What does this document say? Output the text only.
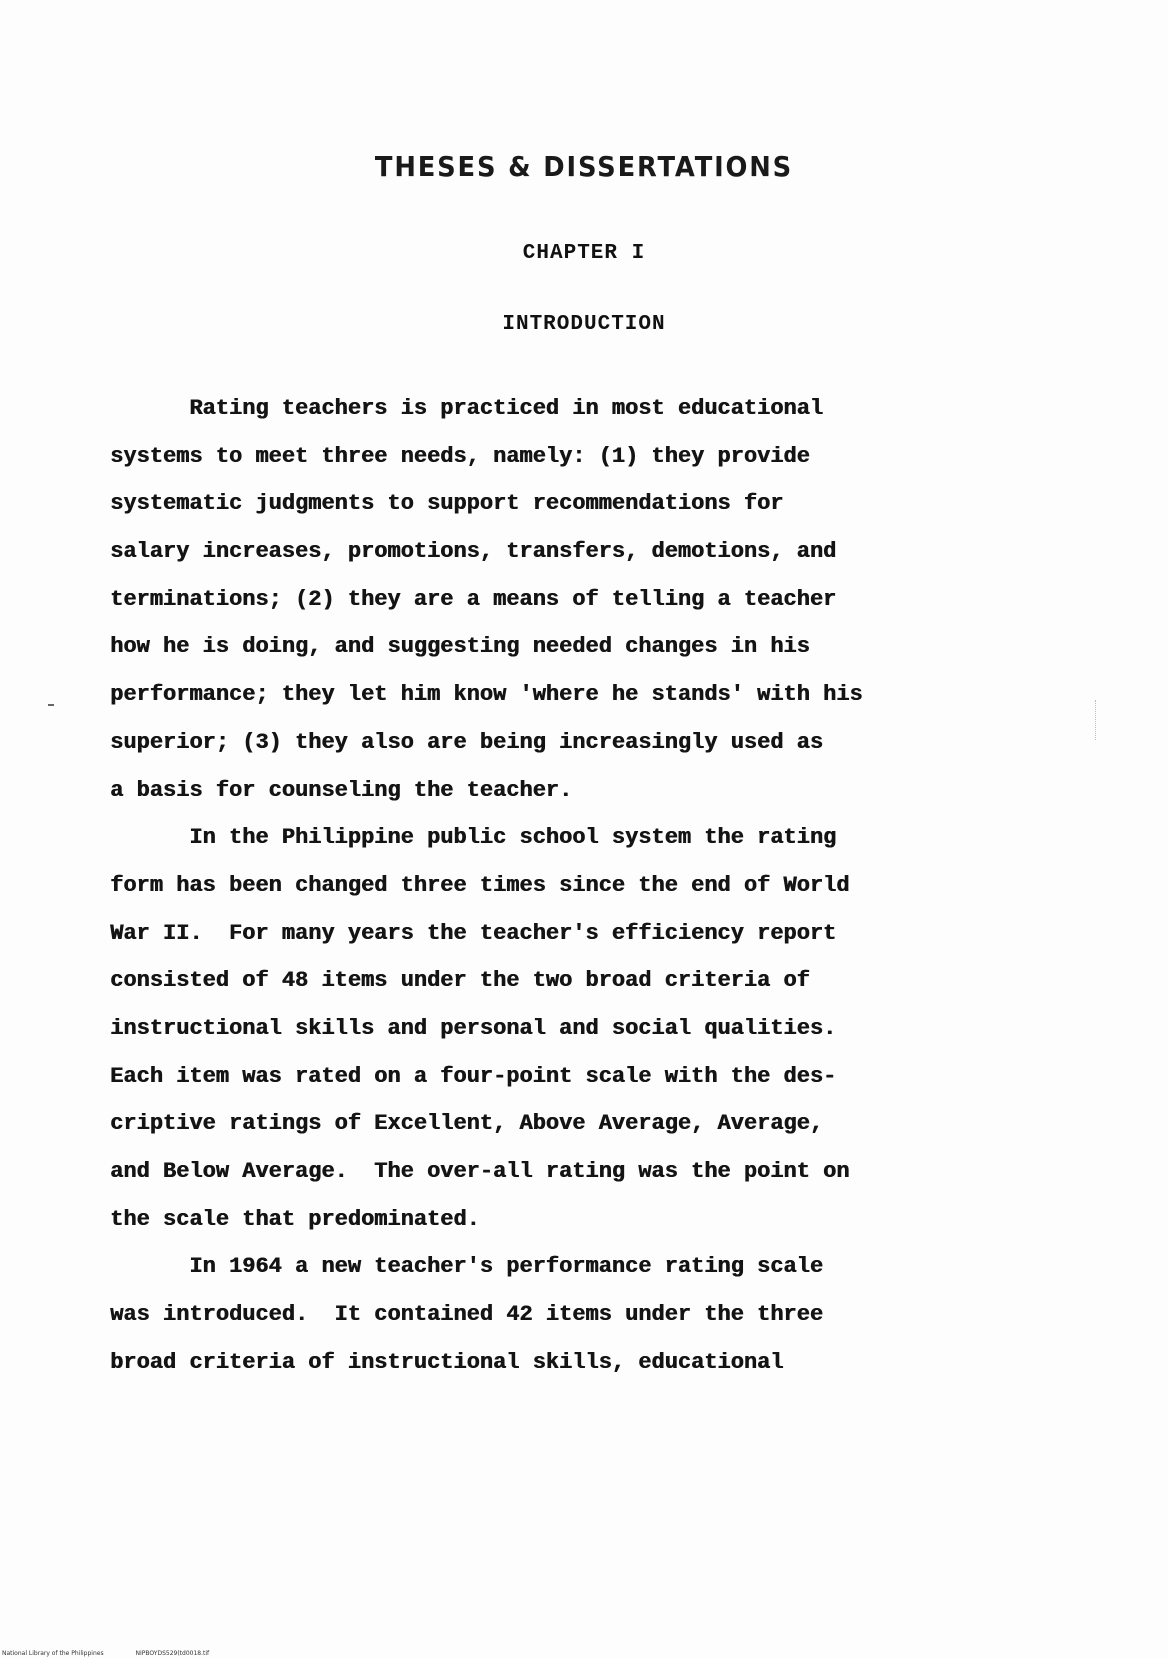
THESES & DISSERTATIONS
CHAPTER I
INTRODUCTION
Rating teachers is practiced in most educational
systems to meet three needs, namely: (1) they provide
systematic judgments to support recommendations for
salary increases, promotions, transfers, demotions, and
terminations; (2) they are a means of telling a teacher
how he is doing, and suggesting needed changes in his
performance; they let him know 'where he stands' with his
superior; (3) they also are being increasingly used as
a basis for counseling the teacher.
In the Philippine public school system the rating
form has been changed three times since the end of World
War II.  For many years the teacher's efficiency report
consisted of 48 items under the two broad criteria of
instructional skills and personal and social qualities.
Each item was rated on a four-point scale with the des-
criptive ratings of Excellent, Above Average, Average,
and Below Average.  The over-all rating was the point on
the scale that predominated.
In 1964 a new teacher's performance rating scale
was introduced.  It contained 42 items under the three
broad criteria of instructional skills, educational
National Library of the Philippines	NIPBOYDS529(td0018.tif
